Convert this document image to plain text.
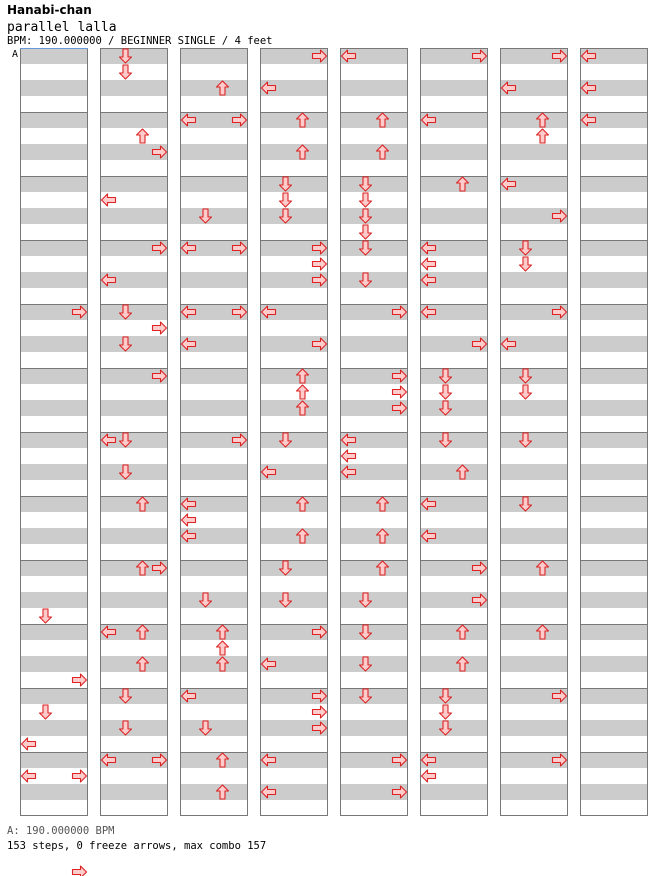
Hanabi-chan
parallel lalla
BPM: 190.000000 / BEGINNER SINGLE / 4 feet
A
A: 190.000000 BPM
153 steps, 0 freeze arrows, max combo 157
